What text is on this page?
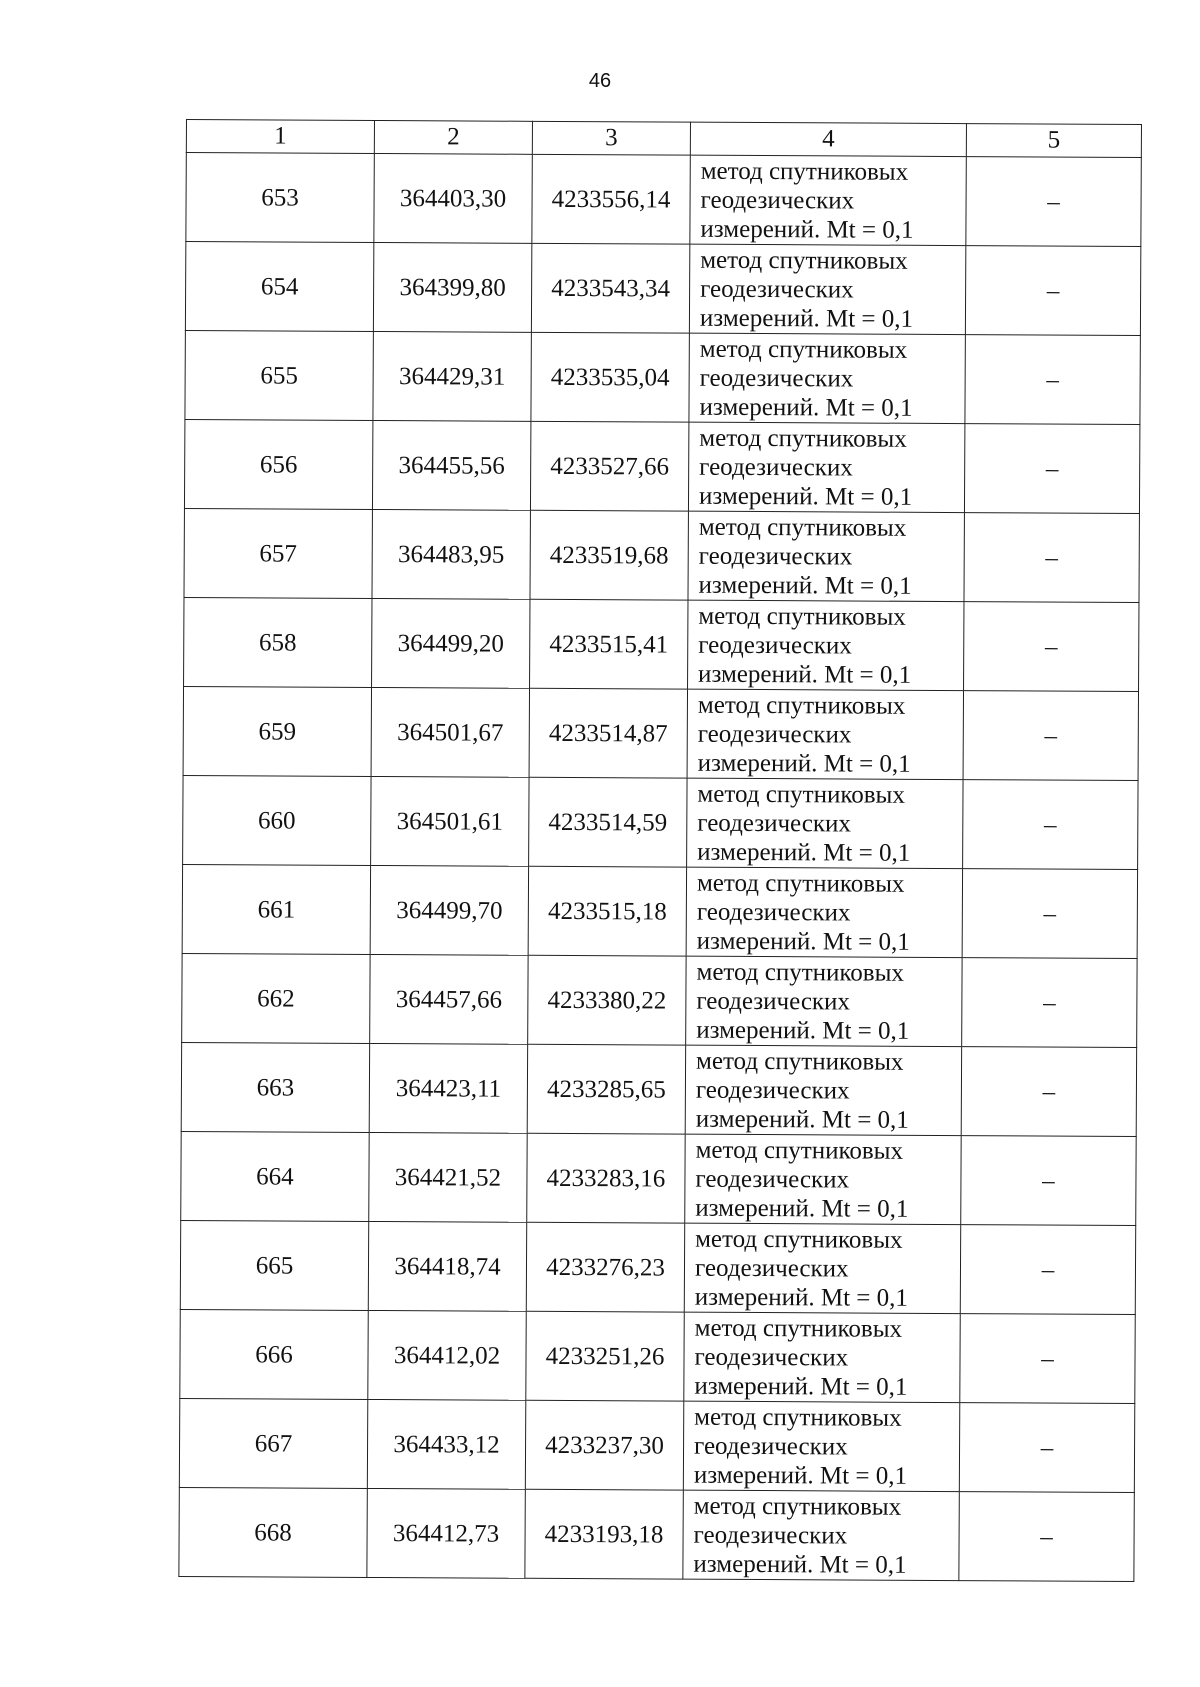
46
1	2	3	4	5
653	364403,30	4233556,14	метод спутниковых
геодезических
измерений. Mt = 0,1	–
654	364399,80	4233543,34	метод спутниковых
геодезических
измерений. Mt = 0,1	–
655	364429,31	4233535,04	метод спутниковых
геодезических
измерений. Mt = 0,1	–
656	364455,56	4233527,66	метод спутниковых
геодезических
измерений. Mt = 0,1	–
657	364483,95	4233519,68	метод спутниковых
геодезических
измерений. Mt = 0,1	–
658	364499,20	4233515,41	метод спутниковых
геодезических
измерений. Mt = 0,1	–
659	364501,67	4233514,87	метод спутниковых
геодезических
измерений. Mt = 0,1	–
660	364501,61	4233514,59	метод спутниковых
геодезических
измерений. Mt = 0,1	–
661	364499,70	4233515,18	метод спутниковых
геодезических
измерений. Mt = 0,1	–
662	364457,66	4233380,22	метод спутниковых
геодезических
измерений. Mt = 0,1	–
663	364423,11	4233285,65	метод спутниковых
геодезических
измерений. Mt = 0,1	–
664	364421,52	4233283,16	метод спутниковых
геодезических
измерений. Mt = 0,1	–
665	364418,74	4233276,23	метод спутниковых
геодезических
измерений. Mt = 0,1	–
666	364412,02	4233251,26	метод спутниковых
геодезических
измерений. Mt = 0,1	–
667	364433,12	4233237,30	метод спутниковых
геодезических
измерений. Mt = 0,1	–
668	364412,73	4233193,18	метод спутниковых
геодезических
измерений. Mt = 0,1	–
